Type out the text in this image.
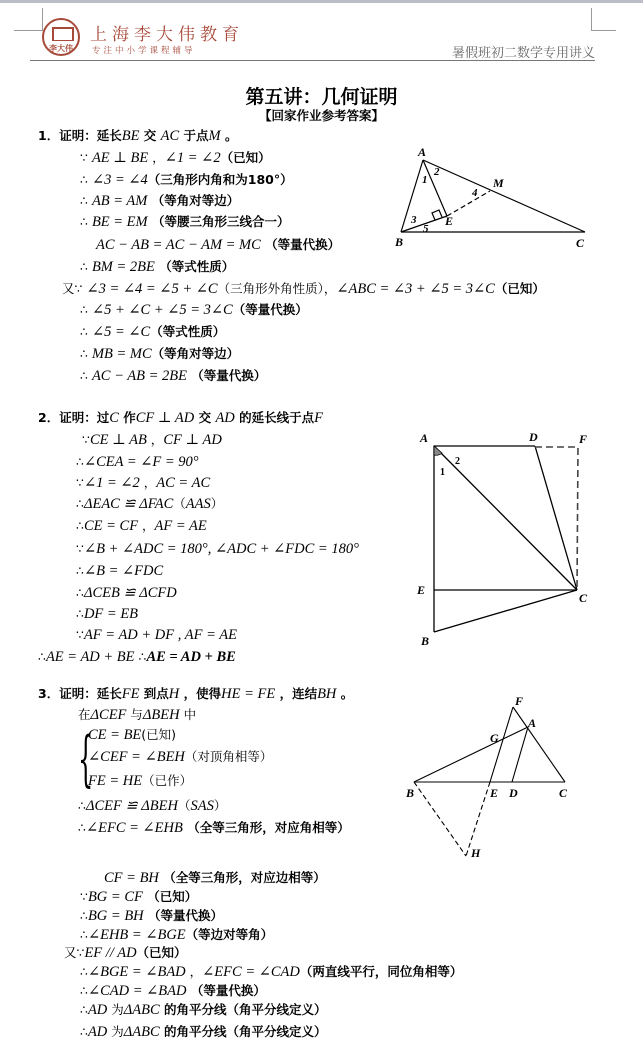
李大伟
上海李大伟教育
专注中小学课程辅导	暑假班初二数学专用讲义
第五讲：几何证明
【回家作业参考答案】
1．证明：延长BE 交 AC 于点M 。
∵ AE ⊥ BE ，∠1 = ∠2（已知）
∴ ∠3 = ∠4（三角形内角和为180°）
∴ AB = AM （等角对等边）
∴ BE = EM （等腰三角形三线合一）
AC − AB = AC − AM = MC （等量代换）
∴ BM = 2BE （等式性质）
又∵ ∠3 = ∠4 = ∠5 + ∠C（三角形外角性质），∠ABC = ∠3 + ∠5 = 3∠C（已知）
∴ ∠5 + ∠C + ∠5 = 3∠C（等量代换）
∴ ∠5 = ∠C（等式性质）
∴ MB = MC（等角对等边）
∴ AC − AB = 2BE （等量代换）
2．证明：过C 作CF ⊥ AD 交 AD 的延长线于点F
∵CE ⊥ AB ，CF ⊥ AD
∴∠CEA = ∠F = 90°
∵∠1 = ∠2 ，AC = AC
∴ΔEAC ≌ ΔFAC（AAS）
∴CE = CF ，AF = AE
∵∠B + ∠ADC = 180°, ∠ADC + ∠FDC = 180°
∴∠B = ∠FDC
∴ΔCEB ≌ ΔCFD
∴DF = EB
∵AF = AD + DF , AF = AE
∴AE = AD + BE ∴AE = AD + BE
3．证明：延长FE 到点H ，使得HE = FE ，连结BH 。
在ΔCEF 与ΔBEH 中
CE = BE(已知)
∠CEF = ∠BEH（对顶角相等）
FE = HE（已作）
∴ΔCEF ≌ ΔBEH（SAS）
∴∠EFC = ∠EHB （全等三角形，对应角相等）
CF = BH （全等三角形，对应边相等）
∵BG = CF （已知）
∴BG = BH （等量代换）
∴∠EHB = ∠BGE（等边对等角）
又∵EF // AD（已知）
∴∠BGE = ∠BAD ，∠EFC = ∠CAD（两直线平行，同位角相等）
∴∠CAD = ∠BAD （等量代换）
∴AD 为ΔABC 的角平分线（角平分线定义）
∴AD 为ΔABC 的角平分线（角平分线定义）
{
A
B	C
M
E
1
2
3
4
5
A	D	F
E
C
B
1
2
F
A
G
B	E D	C
H
